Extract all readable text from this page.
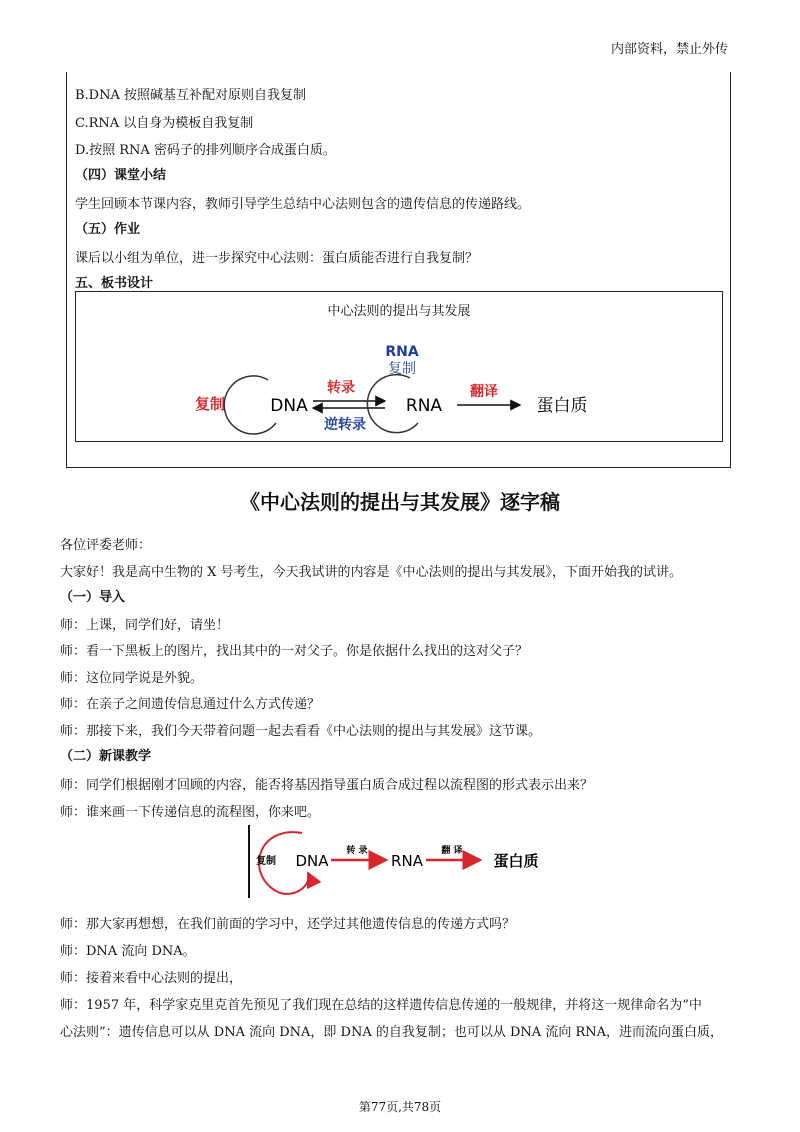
内部资料，禁止外传
B.DNA 按照碱基互补配对原则自我复制
C.RNA 以自身为模板自我复制
D.按照 RNA 密码子的排列顺序合成蛋白质。
（四）课堂小结
学生回顾本节课内容，教师引导学生总结中心法则包含的遗传信息的传递路线。
（五）作业
课后以小组为单位，进一步探究中心法则：蛋白质能否进行自我复制？
五、板书设计
中心法则的提出与其发展
RNA
复制
复制	DNA
转录
逆转录
RNA
翻译
蛋白质
《中心法则的提出与其发展》逐字稿
各位评委老师：
大家好！我是高中生物的 X 号考生，今天我试讲的内容是《中心法则的提出与其发展》，下面开始我的试讲。
（一）导入
师：上课，同学们好，请坐！
师：看一下黑板上的图片，找出其中的一对父子。你是依据什么找出的这对父子？
师：这位同学说是外貌。
师：在亲子之间遗传信息通过什么方式传递？
师：那接下来，我们今天带着问题一起去看看《中心法则的提出与其发展》这节课。
（二）新课教学
师：同学们根据刚才回顾的内容，能否将基因指导蛋白质合成过程以流程图的形式表示出来？
师：谁来画一下传递信息的流程图，你来吧。
复制 DNA
转 录
RNA
翻 译
蛋白质
师：那大家再想想，在我们前面的学习中，还学过其他遗传信息的传递方式吗？
师：DNA 流向 DNA。
师：接着来看中心法则的提出，
师：1957 年，科学家克里克首先预见了我们现在总结的这样遗传信息传递的一般规律，并将这一规律命名为“中
心法则”：遗传信息可以从 DNA 流向 DNA，即 DNA 的自我复制；也可以从 DNA 流向 RNA，进而流向蛋白质，
第77页,共78页
